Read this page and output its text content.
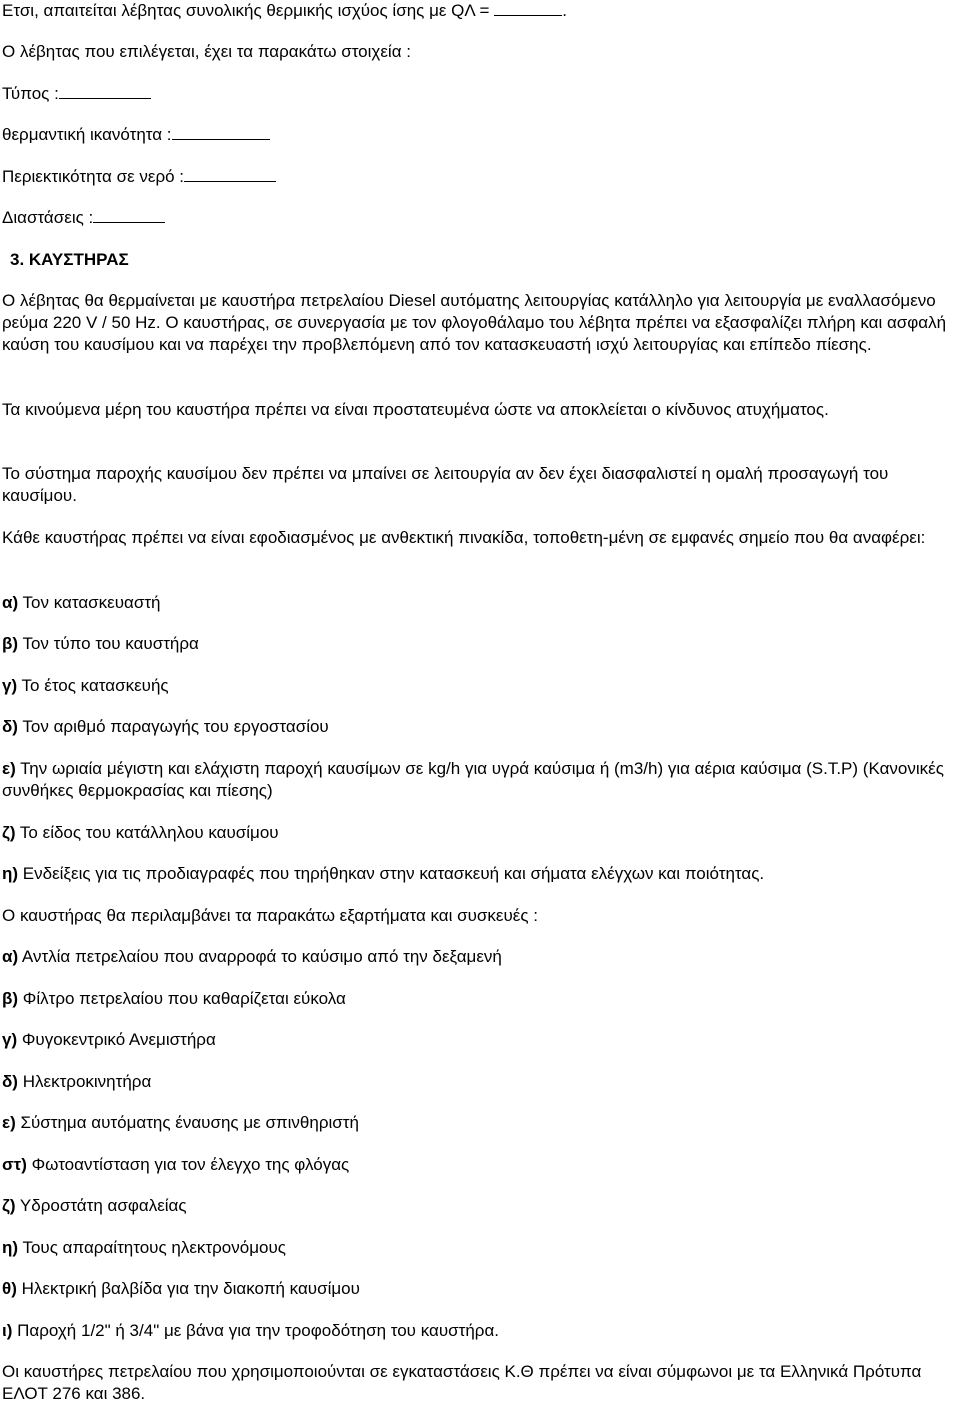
Ετσι, απαιτείται λέβητας συνολικής θερμικής ισχύος ίσης με QΛ =	.

Ο λέβητας που επιλέγεται, έχει τα παρακάτω στοιχεία :

Τύπος :

θερμαντική ικανότητα :

Περιεκτικότητα σε νερό :

Διαστάσεις :

3. ΚΑΥΣΤΗΡΑΣ

Ο λέβητας θα θερμαίνεται με καυστήρα πετρελαίου Diesel αυτόματης λειτουργίας κατάλληλο για λειτουργία με εναλλασόμενο ρεύμα 220 V / 50 Hz. Ο καυστήρας, σε συνεργασία με τον φλογοθάλαμο του λέβητα πρέπει να εξασφαλίζει πλήρη και ασφαλή καύση του καυσίμου και να παρέχει την προβλεπόμενη από τον κατασκευαστή ισχύ λειτουργίας και επίπεδο πίεσης.

Τα κινούμενα μέρη του καυστήρα πρέπει να είναι προστατευμένα ώστε να αποκλείεται ο κίνδυνος ατυχήματος.

Το σύστημα παροχής καυσίμου δεν πρέπει να μπαίνει σε λειτουργία αν δεν έχει διασφαλιστεί η ομαλή προσαγωγή του καυσίμου.

Κάθε καυστήρας πρέπει να είναι εφοδιασμένος με ανθεκτική πινακίδα, τοποθετη-μένη σε εμφανές σημείο που θα αναφέρει:

α) Τον κατασκευαστή

β) Τον τύπο του καυστήρα

γ) Το έτος κατασκευής

δ) Τον αριθμό παραγωγής του εργοστασίου

ε) Την ωριαία μέγιστη και ελάχιστη παροχή καυσίμων σε kg/h για υγρά καύσιμα ή (m3/h) για αέρια καύσιμα (S.T.P) (Κανονικές συνθήκες θερμοκρασίας και πίεσης)

ζ) Το είδος του κατάλληλου καυσίμου

η) Ενδείξεις για τις προδιαγραφές που τηρήθηκαν στην κατασκευή και σήματα ελέγχων και ποιότητας.

Ο καυστήρας θα περιλαμβάνει τα παρακάτω εξαρτήματα και συσκευές :

α) Αντλία πετρελαίου που αναρροφά το καύσιμο από την δεξαμενή

β) Φίλτρο πετρελαίου που καθαρίζεται εύκολα

γ) Φυγοκεντρικό Ανεμιστήρα

δ) Ηλεκτροκινητήρα

ε) Σύστημα αυτόματης έναυσης με σπινθηριστή

στ) Φωτοαντίσταση για τον έλεγχο της φλόγας

ζ) Υδροστάτη ασφαλείας

η) Τους απαραίτητους ηλεκτρονόμους

θ) Ηλεκτρική βαλβίδα για την διακοπή καυσίμου

ι) Παροχή 1/2" ή 3/4" με βάνα για την τροφοδότηση του καυστήρα.

Οι καυστήρες πετρελαίου που χρησιμοποιούνται σε εγκαταστάσεις Κ.Θ πρέπει να είναι σύμφωνοι με τα Ελληνικά Πρότυπα ΕΛΟΤ 276 και 386.
